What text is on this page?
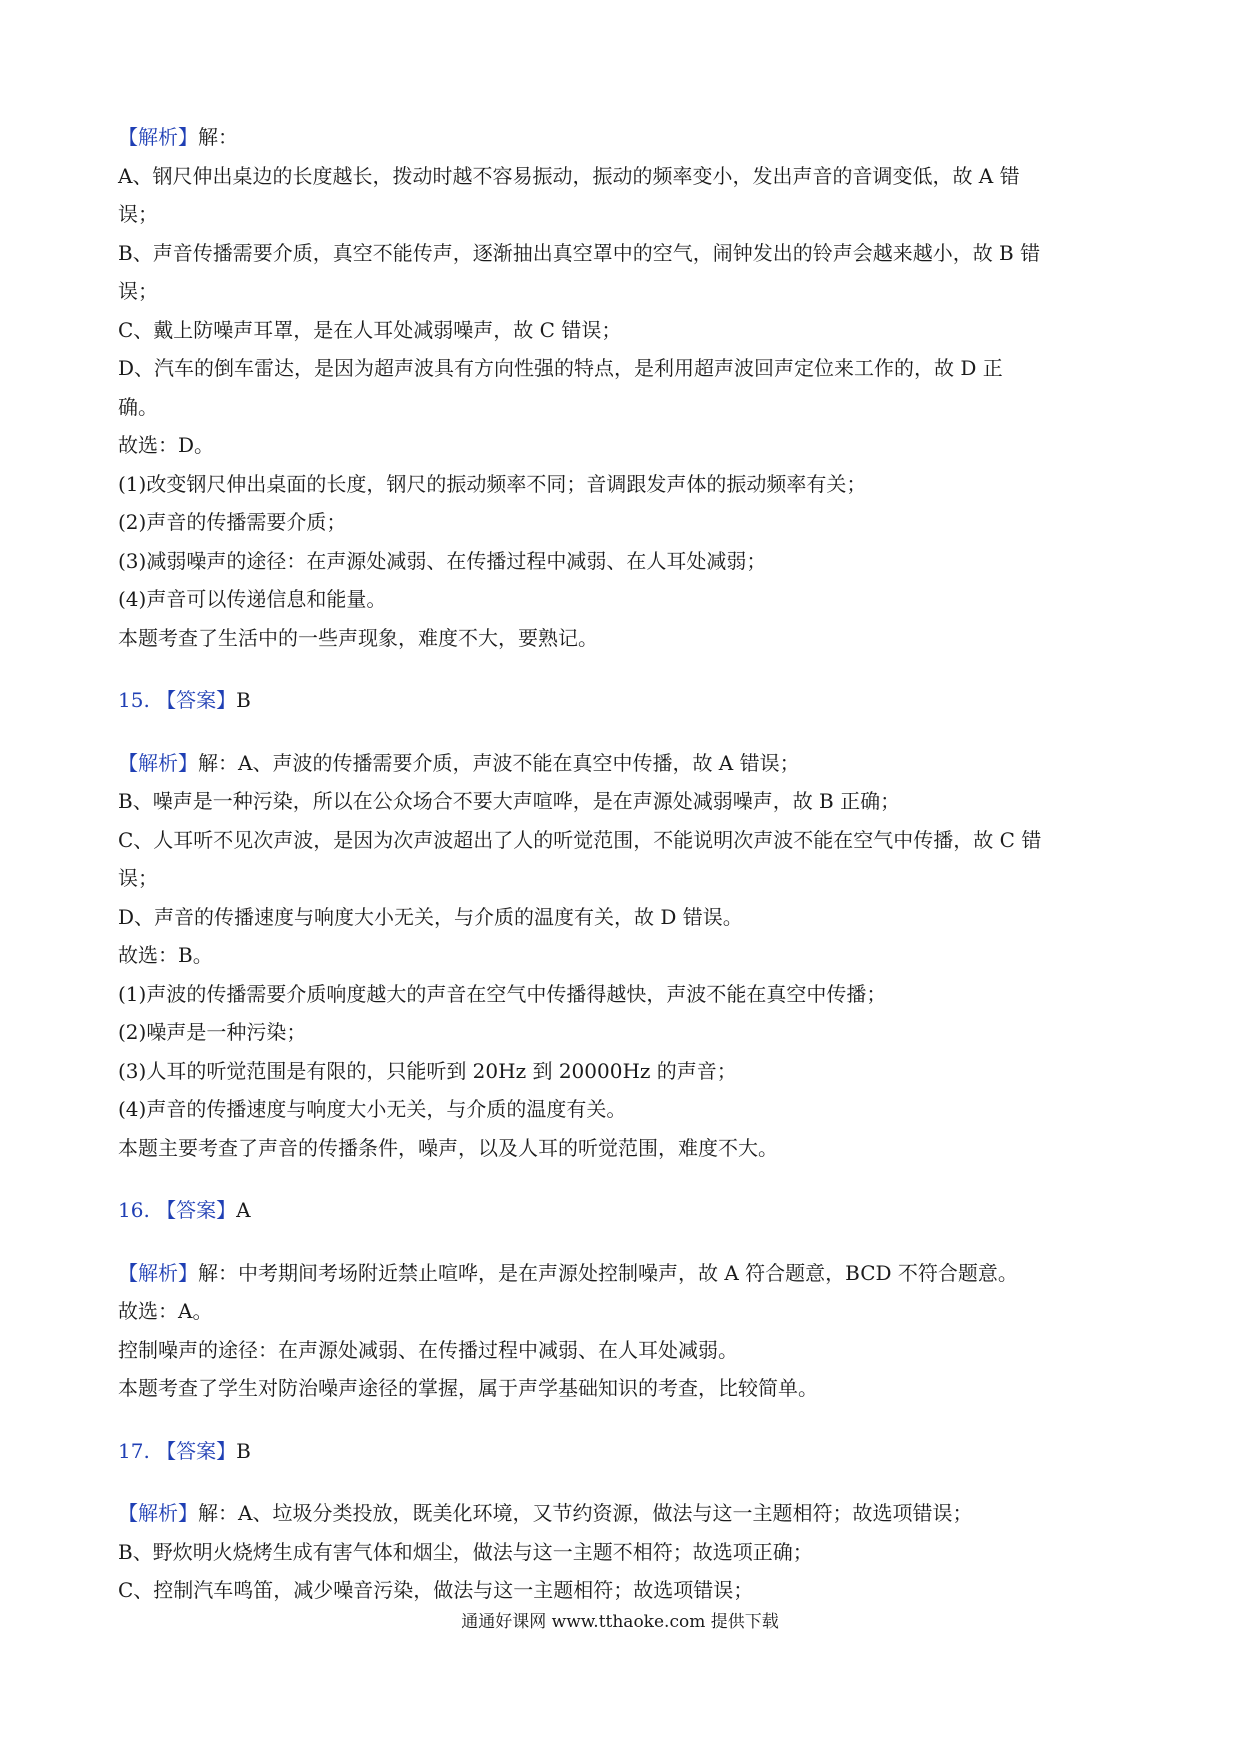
【解析】解：

A、钢尺伸出桌边的长度越长，拨动时越不容易振动，振动的频率变小，发出声音的音调变低，故 A 错

误；

B、声音传播需要介质，真空不能传声，逐渐抽出真空罩中的空气，闹钟发出的铃声会越来越小，故 B 错

误；

C、戴上防噪声耳罩，是在人耳处减弱噪声，故 C 错误；

D、汽车的倒车雷达，是因为超声波具有方向性强的特点，是利用超声波回声定位来工作的，故 D 正

确。

故选：D。

(1)改变钢尺伸出桌面的长度，钢尺的振动频率不同；音调跟发声体的振动频率有关；

(2)声音的传播需要介质；

(3)减弱噪声的途径：在声源处减弱、在传播过程中减弱、在人耳处减弱；

(4)声音可以传递信息和能量。

本题考查了生活中的一些声现象，难度不大，要熟记。

15. 【答案】B

【解析】解：A、声波的传播需要介质，声波不能在真空中传播，故 A 错误；

B、噪声是一种污染，所以在公众场合不要大声喧哗，是在声源处减弱噪声，故 B 正确；

C、人耳听不见次声波，是因为次声波超出了人的听觉范围，不能说明次声波不能在空气中传播，故 C 错

误；

D、声音的传播速度与响度大小无关，与介质的温度有关，故 D 错误。

故选：B。

(1)声波的传播需要介质响度越大的声音在空气中传播得越快，声波不能在真空中传播；

(2)噪声是一种污染；

(3)人耳的听觉范围是有限的，只能听到 20Hz 到 20000Hz 的声音；

(4)声音的传播速度与响度大小无关，与介质的温度有关。

本题主要考查了声音的传播条件，噪声，以及人耳的听觉范围，难度不大。

16. 【答案】A

【解析】解：中考期间考场附近禁止喧哗，是在声源处控制噪声，故 A 符合题意，BCD 不符合题意。

故选：A。

控制噪声的途径：在声源处减弱、在传播过程中减弱、在人耳处减弱。

本题考查了学生对防治噪声途径的掌握，属于声学基础知识的考查，比较简单。

17. 【答案】B

【解析】解：A、垃圾分类投放，既美化环境，又节约资源，做法与这一主题相符；故选项错误；

B、野炊明火烧烤生成有害气体和烟尘，做法与这一主题不相符；故选项正确；

C、控制汽车鸣笛，减少噪音污染，做法与这一主题相符；故选项错误；

通通好课网 www.tthaoke.com 提供下载
